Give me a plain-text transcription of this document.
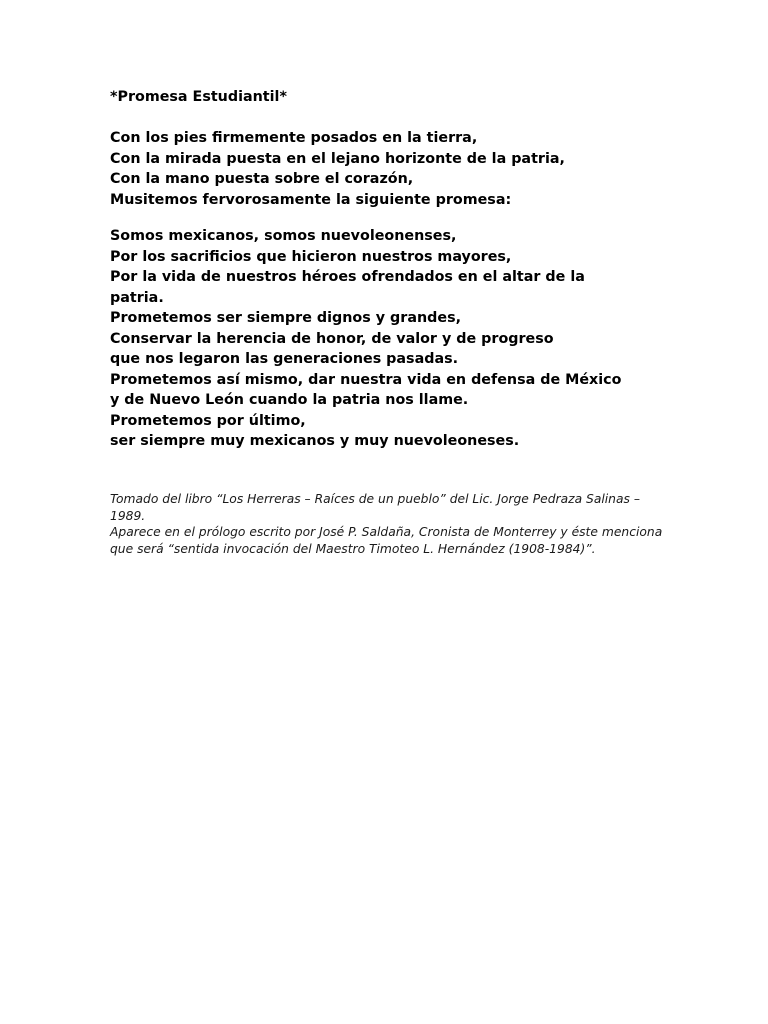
*Promesa Estudiantil*

Con los pies firmemente posados en la tierra,
Con la mirada puesta en el lejano horizonte de la patria,
Con la mano puesta sobre el corazón,
Musitemos fervorosamente la siguiente promesa:

Somos mexicanos, somos nuevoleonenses,
Por los sacrificios que hicieron nuestros mayores,
Por la vida de nuestros héroes ofrendados en el altar de la
patria.
Prometemos ser siempre dignos y grandes,
Conservar la herencia de honor, de valor y de progreso
que nos legaron las generaciones pasadas.
Prometemos así mismo, dar nuestra vida en defensa de México
y de Nuevo León cuando la patria nos llame.
Prometemos por último,
ser siempre muy mexicanos y muy nuevoleoneses.

Tomado del libro “Los Herreras – Raíces de un pueblo” del Lic. Jorge Pedraza Salinas – 1989.
Aparece en el prólogo escrito por José P. Saldaña, Cronista de Monterrey y éste menciona que será “sentida invocación del Maestro Timoteo L. Hernández (1908-1984)”.
